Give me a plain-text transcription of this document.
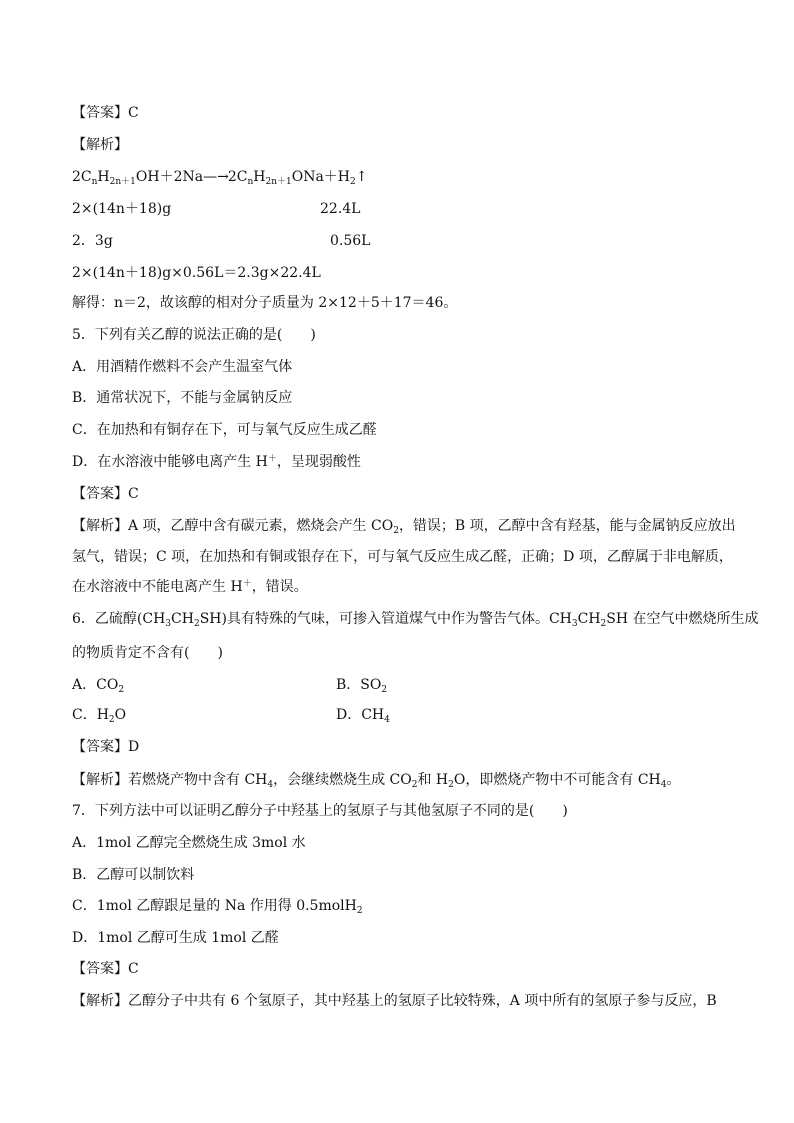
【答案】C
【解析】
$2C_nH_{2n+1}OH+2Na—\to 2C_nH_{2n+1}ONa+H_2↑$
2×(14n＋18)g	22.4L
2．3g	0.56L
2×(14n＋18)g×0.56L＝2.3g×22.4L
解得：n＝2，故该醇的相对分子质量为 2×12＋5＋17＝46。
5．下列有关乙醇的说法正确的是(　　)
A．用酒精作燃料不会产生温室气体
B．通常状况下，不能与金属钠反应
C．在加热和有铜存在下，可与氧气反应生成乙醛
D．在水溶液中能够电离产生 H＋，呈现弱酸性
【答案】C
【解析】A 项，乙醇中含有碳元素，燃烧会产生 $CO_2$，错误；B 项，乙醇中含有羟基，能与金属钠反应放出
氢气，错误；C 项，在加热和有铜或银存在下，可与氧气反应生成乙醛，正确；D 项，乙醇属于非电解质，
在水溶液中不能电离产生 H＋，错误。
6．乙硫醇$(CH_3CH_2SH)$具有特殊的气味，可掺入管道煤气中作为警告气体。$CH_3CH_2SH$ 在空气中燃烧所生成
的物质肯定不含有(　　)
A．$CO_2$	B．$SO_2$
C．$H_2O$	D．$CH_4$
【答案】D
【解析】若燃烧产物中含有 $CH_4$，会继续燃烧生成 $CO_2$和 $H_2O$，即燃烧产物中不可能含有 $CH_4$。
7．下列方法中可以证明乙醇分子中羟基上的氢原子与其他氢原子不同的是(　　)
A．1mol 乙醇完全燃烧生成 3mol 水
B．乙醇可以制饮料
C．1mol 乙醇跟足量的 Na 作用得 0.5molH$_2$
D．1mol 乙醇可生成 1mol 乙醛
【答案】C
【解析】乙醇分子中共有 6 个氢原子，其中羟基上的氢原子比较特殊，A 项中所有的氢原子参与反应，B
